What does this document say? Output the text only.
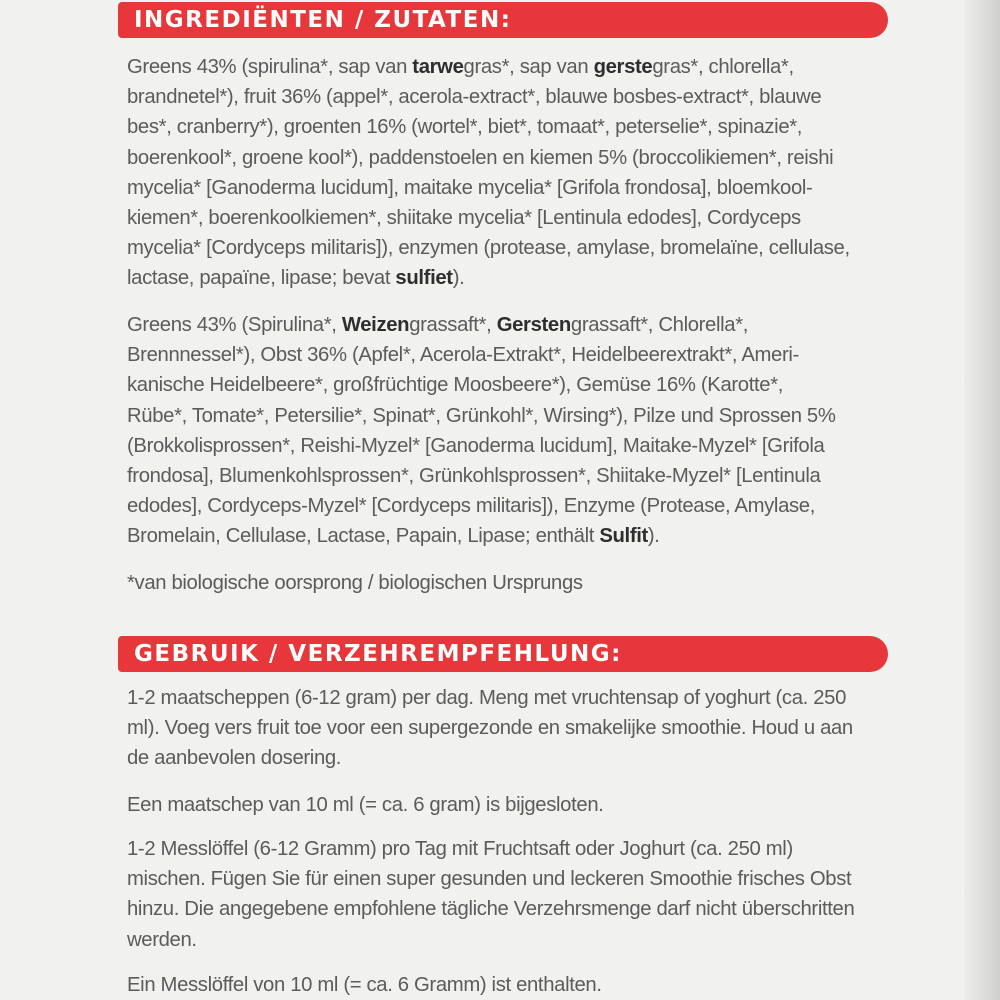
INGREDIËNTEN / ZUTATEN:

Greens 43% (spirulina*, sap van tarwegras*, sap van gerstegras*, chlorella*,
brandnetel*), fruit 36% (appel*, acerola-extract*, blauwe bosbes-extract*, blauwe
bes*, cranberry*), groenten 16% (wortel*, biet*, tomaat*, peterselie*, spinazie*,
boerenkool*, groene kool*), paddenstoelen en kiemen 5% (broccolikiemen*, reishi
mycelia* [Ganoderma lucidum], maitake mycelia* [Grifola frondosa], bloemkool-
kiemen*, boerenkoolkiemen*, shiitake mycelia* [Lentinula edodes], Cordyceps
mycelia* [Cordyceps militaris]), enzymen (protease, amylase, bromelaïne, cellulase,
lactase, papaïne, lipase; bevat sulfiet).

Greens 43% (Spirulina*, Weizengrassaft*, Gerstengrassaft*, Chlorella*,
Brennnessel*), Obst 36% (Apfel*, Acerola-Extrakt*, Heidelbeerextrakt*, Ameri-
kanische Heidelbeere*, großfrüchtige Moosbeere*), Gemüse 16% (Karotte*,
Rübe*, Tomate*, Petersilie*, Spinat*, Grünkohl*, Wirsing*), Pilze und Sprossen 5%
(Brokkolisprossen*, Reishi-Myzel* [Ganoderma lucidum], Maitake-Myzel* [Grifola
frondosa], Blumenkohlsprossen*, Grünkohlsprossen*, Shiitake-Myzel* [Lentinula
edodes], Cordyceps-Myzel* [Cordyceps militaris]), Enzyme (Protease, Amylase,
Bromelain, Cellulase, Lactase, Papain, Lipase; enthält Sulfit).

*van biologische oorsprong / biologischen Ursprungs

GEBRUIK / VERZEHREMPFEHLUNG:

1-2 maatscheppen (6-12 gram) per dag. Meng met vruchtensap of yoghurt (ca. 250
ml). Voeg vers fruit toe voor een supergezonde en smakelijke smoothie. Houd u aan
de aanbevolen dosering.

Een maatschep van 10 ml (= ca. 6 gram) is bijgesloten.

1-2 Messlöffel (6-12 Gramm) pro Tag mit Fruchtsaft oder Joghurt (ca. 250 ml)
mischen. Fügen Sie für einen super gesunden und leckeren Smoothie frisches Obst
hinzu. Die angegebene empfohlene tägliche Verzehrsmenge darf nicht überschritten
werden.

Ein Messlöffel von 10 ml (= ca. 6 Gramm) ist enthalten.
